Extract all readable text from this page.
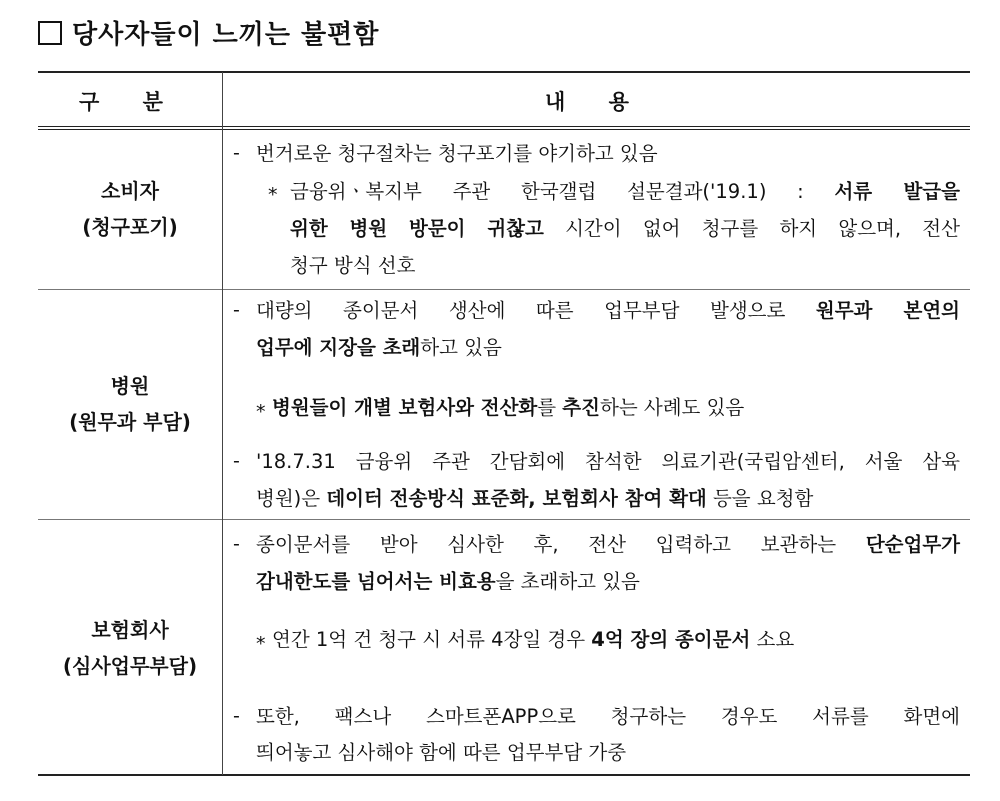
당사자들이 느끼는 불편함
구 분	내 용
소비자
(청구포기)
병원
(원무과 부담)
보험회사
(심사업무부담)
-
*
-
*
-
-
*
-
번거로운 청구절차는 청구포기를 야기하고 있음
금융위ㆍ복지부 주관 한국갤럽 설문결과('19.1) : 서류 발급을
위한 병원 방문이 귀찮고 시간이 없어 청구를 하지 않으며, 전산
청구 방식 선호
대량의 종이문서 생산에 따른 업무부담 발생으로 원무과 본연의
업무에 지장을 초래하고 있음
병원들이 개별 보험사와 전산화를 추진하는 사례도 있음
'18.7.31 금융위 주관 간담회에 참석한 의료기관(국립암센터, 서울 삼육
병원)은 데이터 전송방식 표준화, 보험회사 참여 확대 등을 요청함
종이문서를 받아 심사한 후, 전산 입력하고 보관하는 단순업무가
감내한도를 넘어서는 비효용을 초래하고 있음
연간 1억 건 청구 시 서류 4장일 경우 4억 장의 종이문서 소요
또한, 팩스나 스마트폰APP으로 청구하는 경우도 서류를 화면에
띄어놓고 심사해야 함에 따른 업무부담 가중
